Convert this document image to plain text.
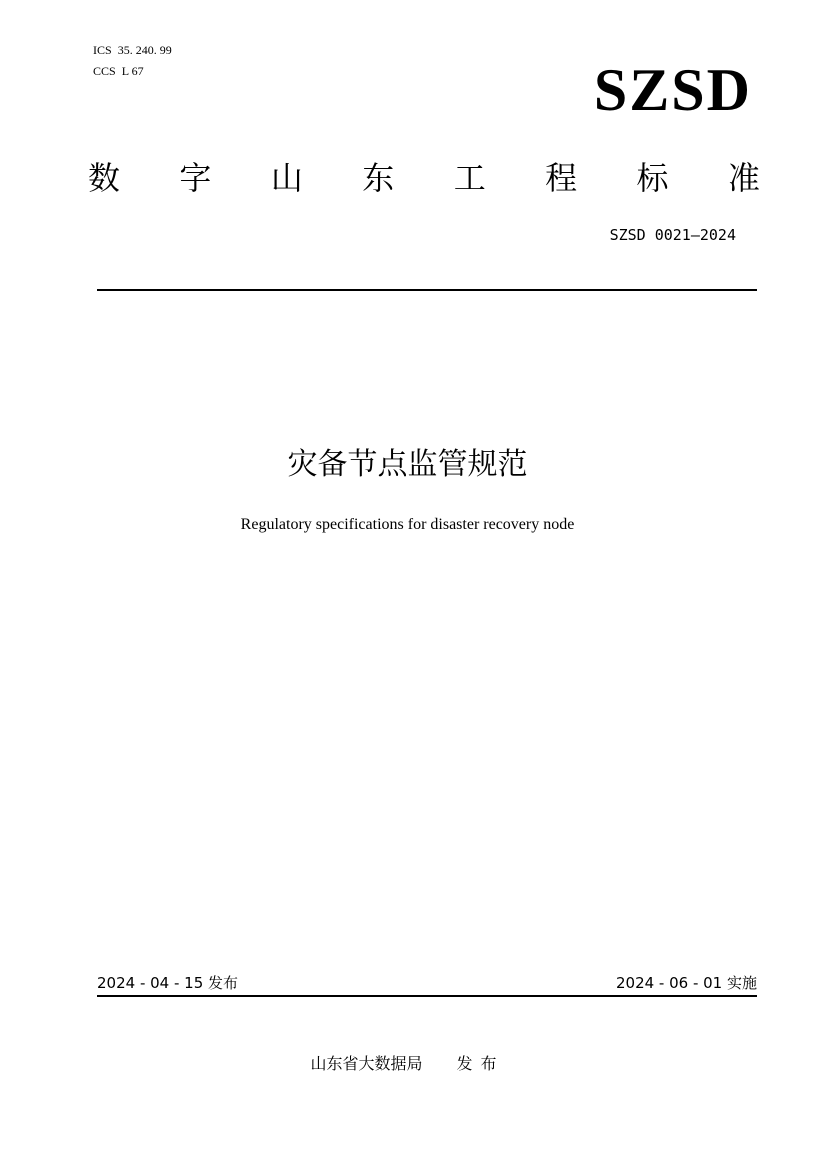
ICS 35. 240. 99
CCS L 67	SZSD
数 字 山 东 工 程 标 准
SZSD 0021—2024
灾备节点监管规范
Regulatory specifications for disaster recovery node
2024 - 04 - 15 发布	2024 - 06 - 01 实施
山东省大数据局 发布
